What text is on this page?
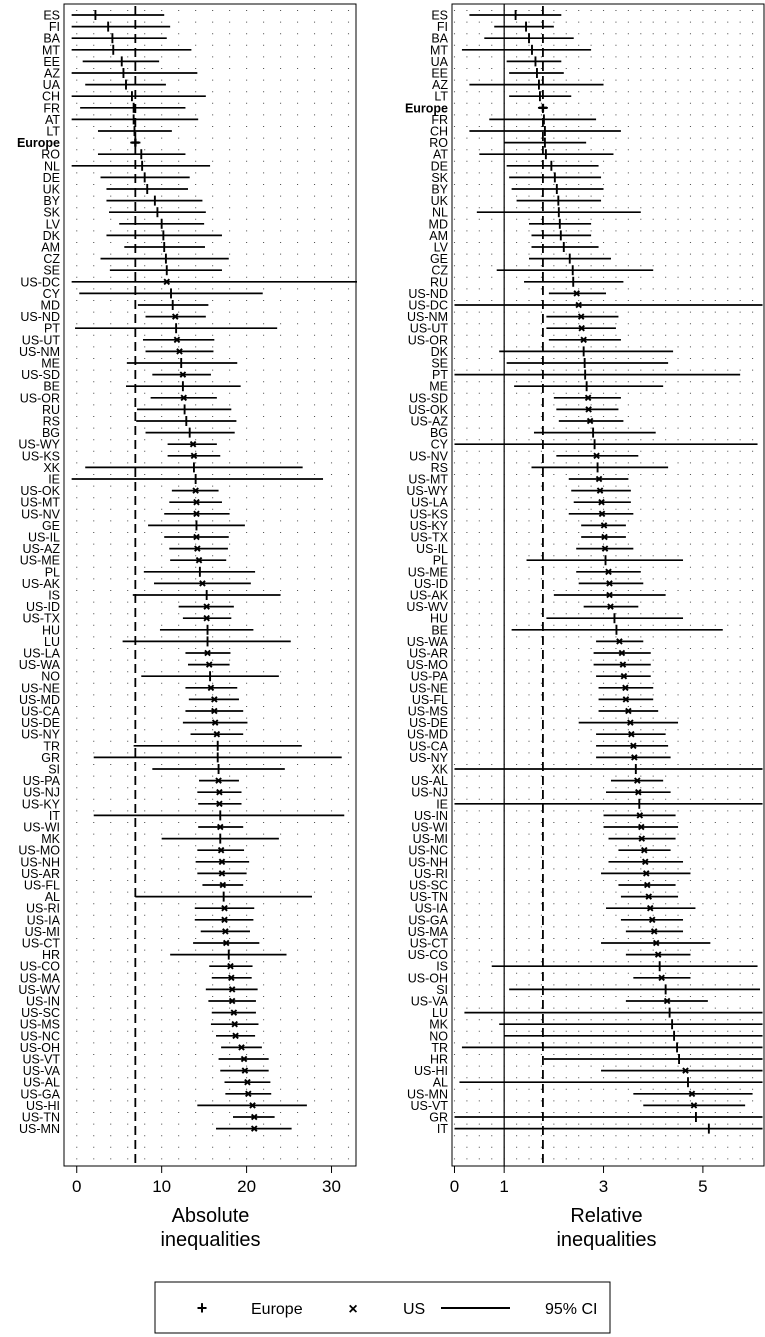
ES
FI
BA
MT
EE
AZ
UA
CH
FR
AT
LT
Europe
RO
NL
DE
UK
BY
SK
LV
DK
AM
CZ
SE
US-DC
CY
MD
US-ND
PT
US-UT
US-NM
ME
US-SD
BE
US-OR
RU
RS
BG
US-WY
US-KS
XK
IE
US-OK
US-MT
US-NV
GE
US-IL
US-AZ
US-ME
PL
US-AK
IS
US-ID
US-TX
HU
LU
US-LA
US-WA
NO
US-NE
US-MD
US-CA
US-DE
US-NY
TR
GR
SI
US-PA
US-NJ
US-KY
IT
US-WI
MK
US-MO
US-NH
US-AR
US-FL
AL
US-RI
US-IA
US-MI
US-CT
HR
US-CO
US-MA
US-WV
US-IN
US-SC
US-MS
US-NC
US-OH
US-VT
US-VA
US-AL
US-GA
US-HI
US-TN
US-MN
0	10	20	30
Absolute
inequalities
ES
FI
BA
MT
UA
EE
AZ
LT
Europe
FR
CH
RO
AT
DE
SK
BY
UK
NL
MD
AM
LV
GE
CZ
RU
US-ND
US-DC
US-NM
US-UT
US-OR
DK
SE
PT
ME
US-SD
US-OK
US-AZ
BG
CY
US-NV
RS
US-MT
US-WY
US-LA
US-KS
US-KY
US-TX
US-IL
PL
US-ME
US-ID
US-AK
US-WV
HU
BE
US-WA
US-AR
US-MO
US-PA
US-NE
US-FL
US-MS
US-DE
US-MD
US-CA
US-NY
XK
US-AL
US-NJ
IE
US-IN
US-WI
US-MI
US-NC
US-NH
US-RI
US-SC
US-TN
US-IA
US-GA
US-MA
US-CT
US-CO
IS
US-OH
SI
US-VA
LU
MK
NO
TR
HR
US-HI
AL
US-MN
US-VT
GR
IT
0 1	3	5
Relative
inequalities
+	Europe	×	US	95% CI
